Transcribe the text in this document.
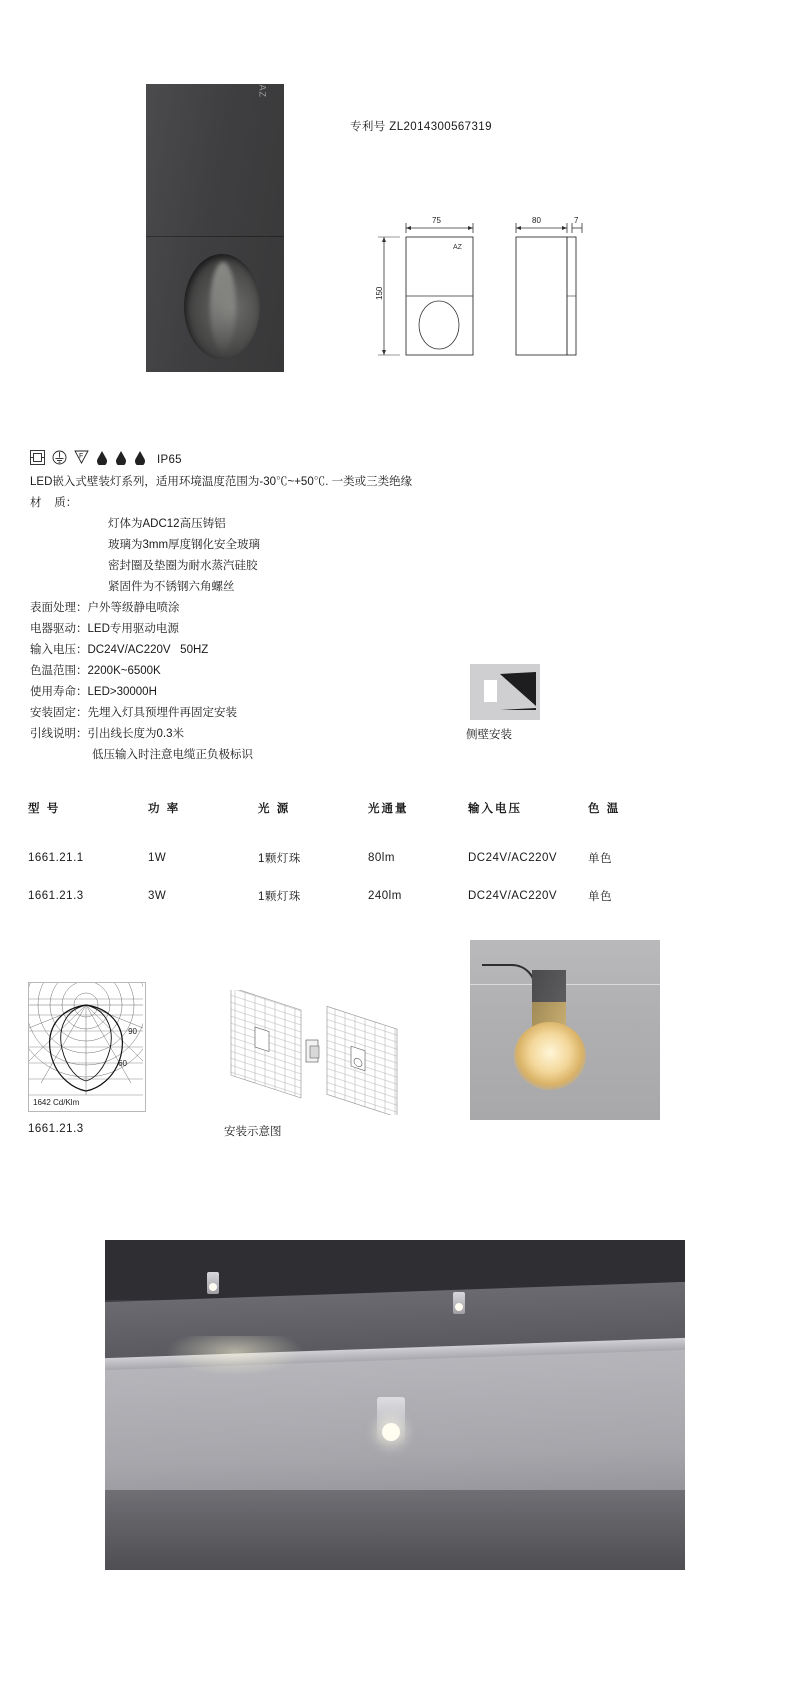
AZ
专利号 ZL2014300567319
75
AZ
150
80	7
F	IP65
LED嵌入式壁装灯系列，适用环境温度范围为-30℃~+50℃. 一类或三类绝缘
材    质：
灯体为ADC12高压铸铝
玻璃为3mm厚度钢化安全玻璃
密封圈及垫圈为耐水蒸汽硅胶
紧固件为不锈钢六角螺丝
表面处理：户外等级静电喷涂
电器驱动：LED专用驱动电源
输入电压：DC24V/AC220V   50HZ
色温范围：2200K~6500K
使用寿命：LED>30000H
安装固定：先埋入灯具预埋件再固定安装
引线说明：引出线长度为0.3米
低压输入时注意电缆正负极标识
侧壁安装
型 号	功 率	光 源	光通量	输入电压	色 温
1661.21.1	1W	1颗灯珠	80lm	DC24V/AC220V	单色
1661.21.3	3W	1颗灯珠	240lm	DC24V/AC220V	单色
1642 Cd/Klm
90
60
1661.21.3	安装示意图
